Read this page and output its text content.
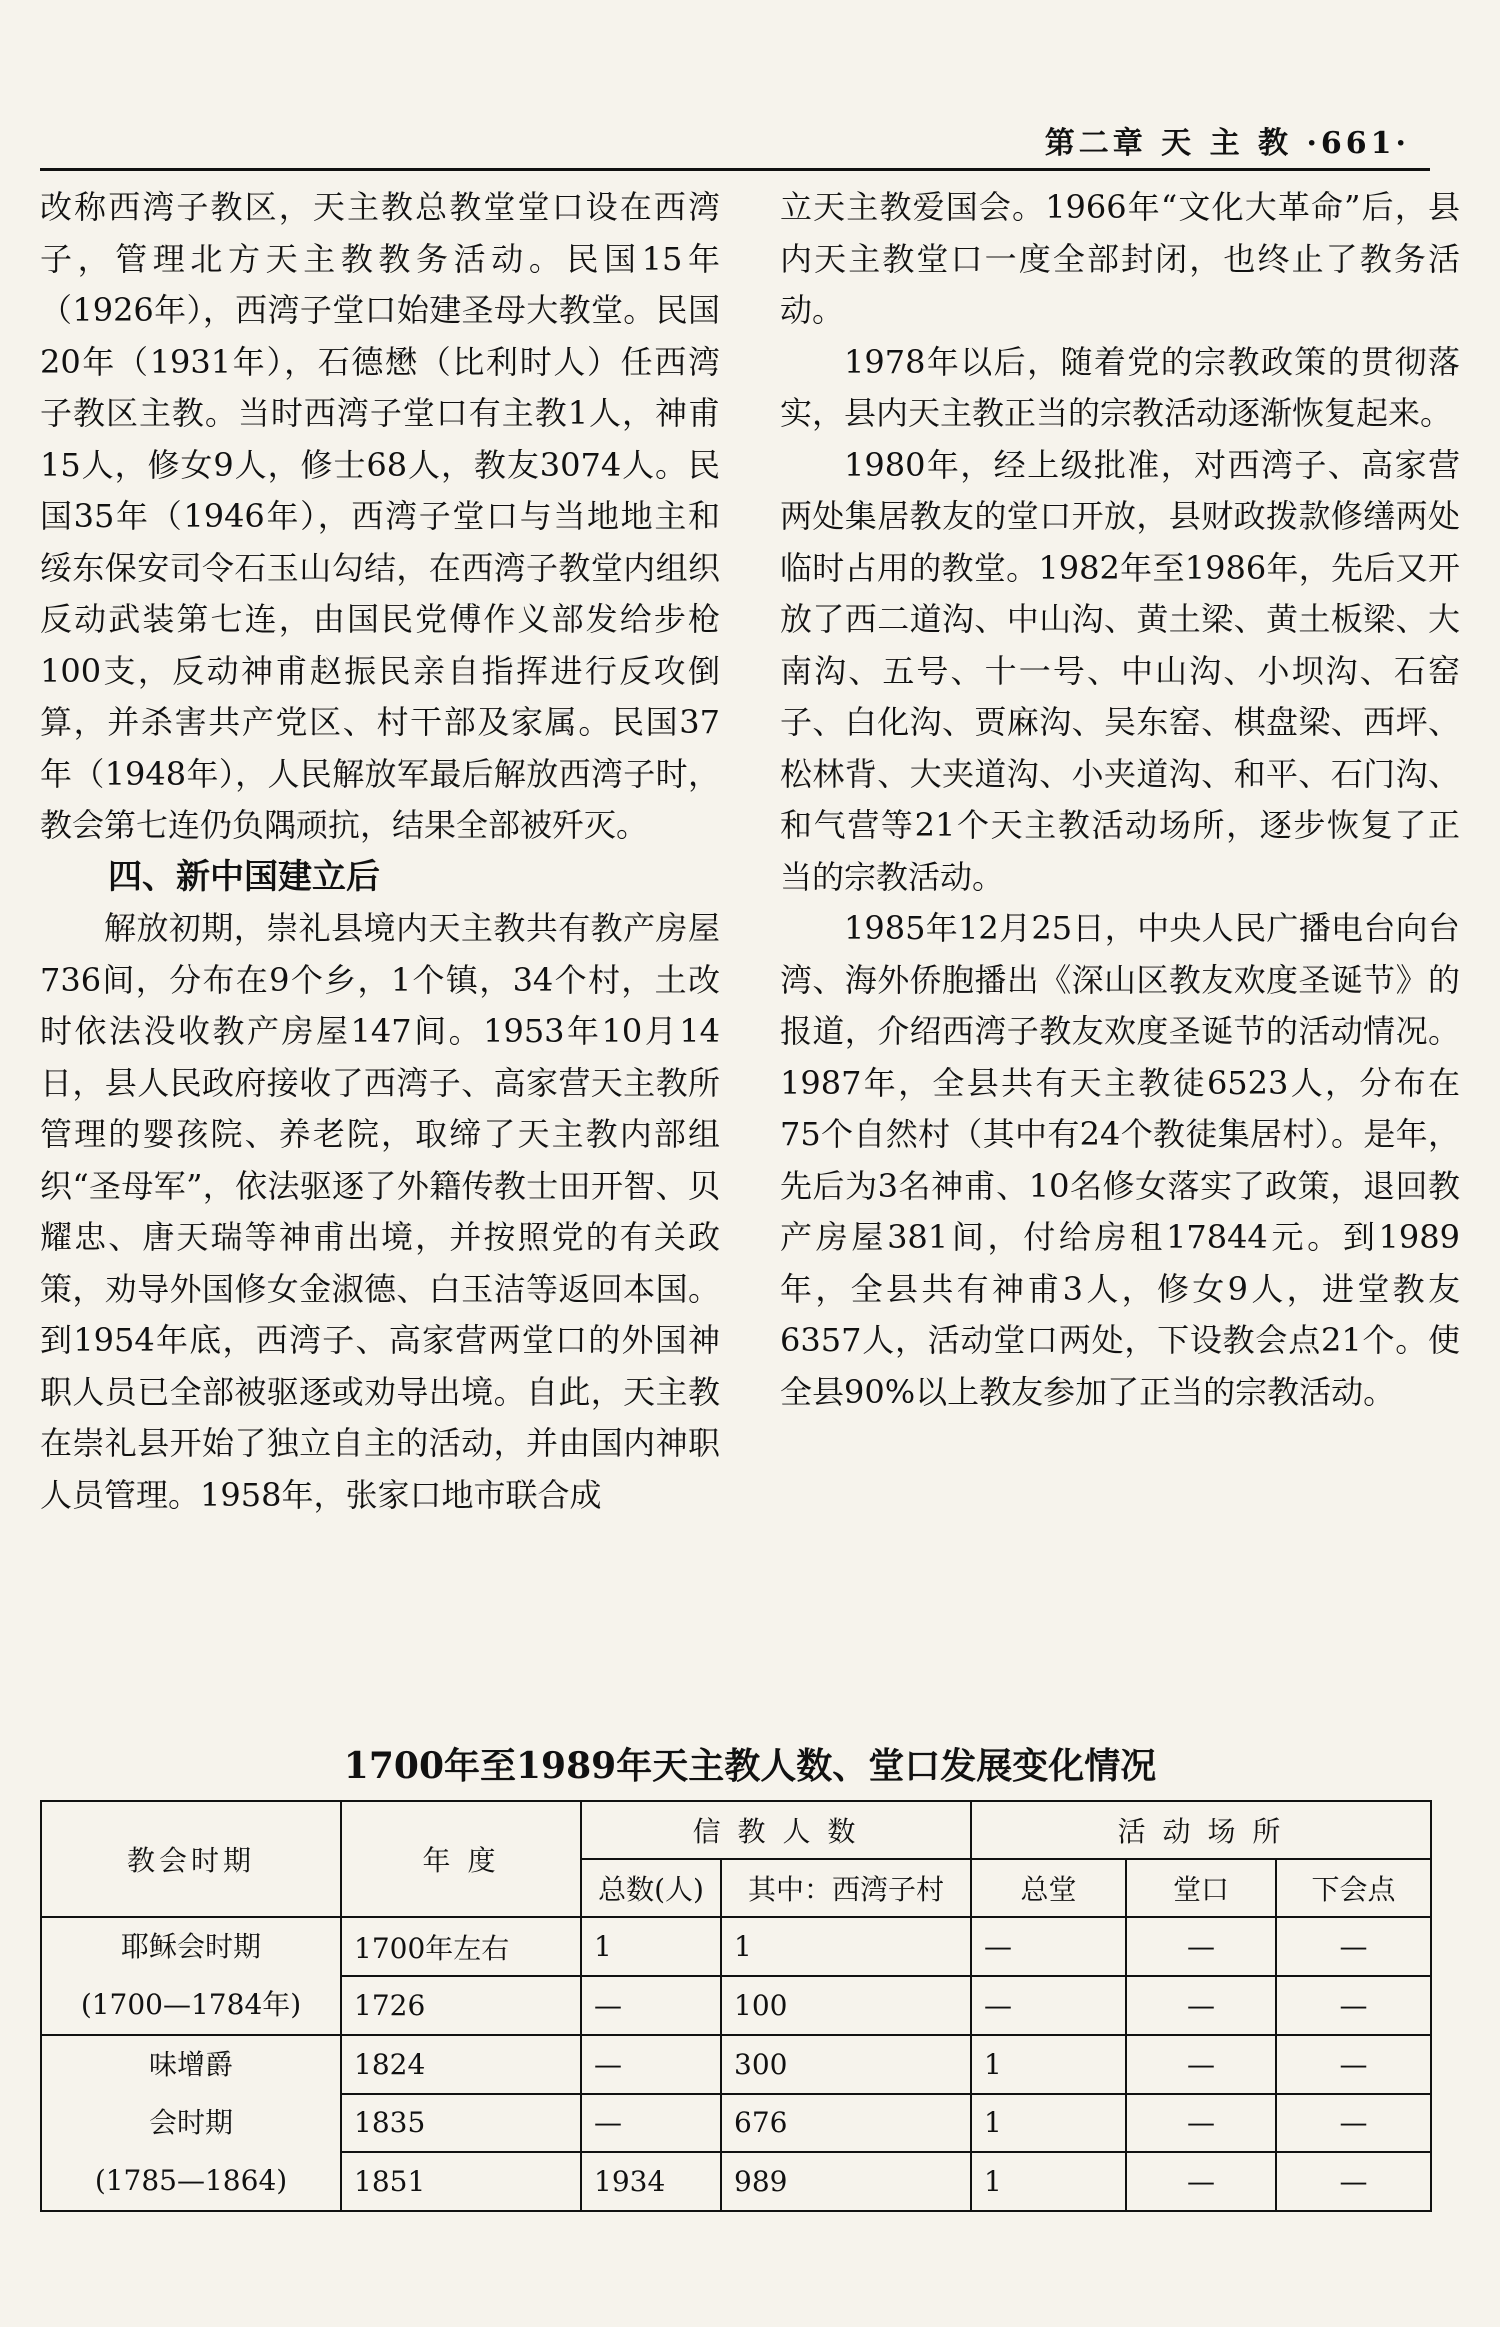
第二章 天 主 教 ·661·

改称西湾子教区，天主教总教堂堂口设在西湾子，管理北方天主教教务活动。民国15年（1926年），西湾子堂口始建圣母大教堂。民国20年（1931年），石德懋（比利时人）任西湾子教区主教。当时西湾子堂口有主教1人，神甫15人，修女9人，修士68人，教友3074人。民国35年（1946年），西湾子堂口与当地地主和绥东保安司令石玉山勾结，在西湾子教堂内组织反动武装第七连，由国民党傅作义部发给步枪100支，反动神甫赵振民亲自指挥进行反攻倒算，并杀害共产党区、村干部及家属。民国37年（1948年），人民解放军最后解放西湾子时，教会第七连仍负隅顽抗，结果全部被歼灭。

四、新中国建立后

解放初期，崇礼县境内天主教共有教产房屋736间，分布在9个乡，1个镇，34个村，土改时依法没收教产房屋147间。1953年10月14日，县人民政府接收了西湾子、高家营天主教所管理的婴孩院、养老院，取缔了天主教内部组织“圣母军”，依法驱逐了外籍传教士田开智、贝耀忠、唐天瑞等神甫出境，并按照党的有关政策，劝导外国修女金淑德、白玉洁等返回本国。到1954年底，西湾子、高家营两堂口的外国神职人员已全部被驱逐或劝导出境。自此，天主教在崇礼县开始了独立自主的活动，并由国内神职人员管理。1958年，张家口地市联合成

立天主教爱国会。1966年“文化大革命”后，县内天主教堂口一度全部封闭，也终止了教务活动。

1978年以后，随着党的宗教政策的贯彻落实，县内天主教正当的宗教活动逐渐恢复起来。

1980年，经上级批准，对西湾子、高家营两处集居教友的堂口开放，县财政拨款修缮两处临时占用的教堂。1982年至1986年，先后又开放了西二道沟、中山沟、黄土梁、黄土板梁、大南沟、五号、十一号、中山沟、小坝沟、石窑子、白化沟、贾麻沟、吴东窑、棋盘梁、西坪、松林背、大夹道沟、小夹道沟、和平、石门沟、和气营等21个天主教活动场所，逐步恢复了正当的宗教活动。

1985年12月25日，中央人民广播电台向台湾、海外侨胞播出《深山区教友欢度圣诞节》的报道，介绍西湾子教友欢度圣诞节的活动情况。1987年，全县共有天主教徒6523人，分布在75个自然村（其中有24个教徒集居村）。是年，先后为3名神甫、10名修女落实了政策，退回教产房屋381间，付给房租17844元。到1989年，全县共有神甫3人，修女9人，进堂教友6357人，活动堂口两处，下设教会点21个。使全县90%以上教友参加了正当的宗教活动。

1700年至1989年天主教人数、堂口发展变化情况
教会时期	年 度	信 教 人 数		活 动 场 所		
		总数(人)	其中：西湾子村	总堂	堂口	下会点

耶稣会时期
(1700—1784年)	1700年左右	1	1	—	—	—
	1726	—	100	—	—	—

味增爵
会时期
(1785—1864)	1824	—	300	1	—	—
	1835	—	676	1	—	—
	1851	1934	989	1	—	—
